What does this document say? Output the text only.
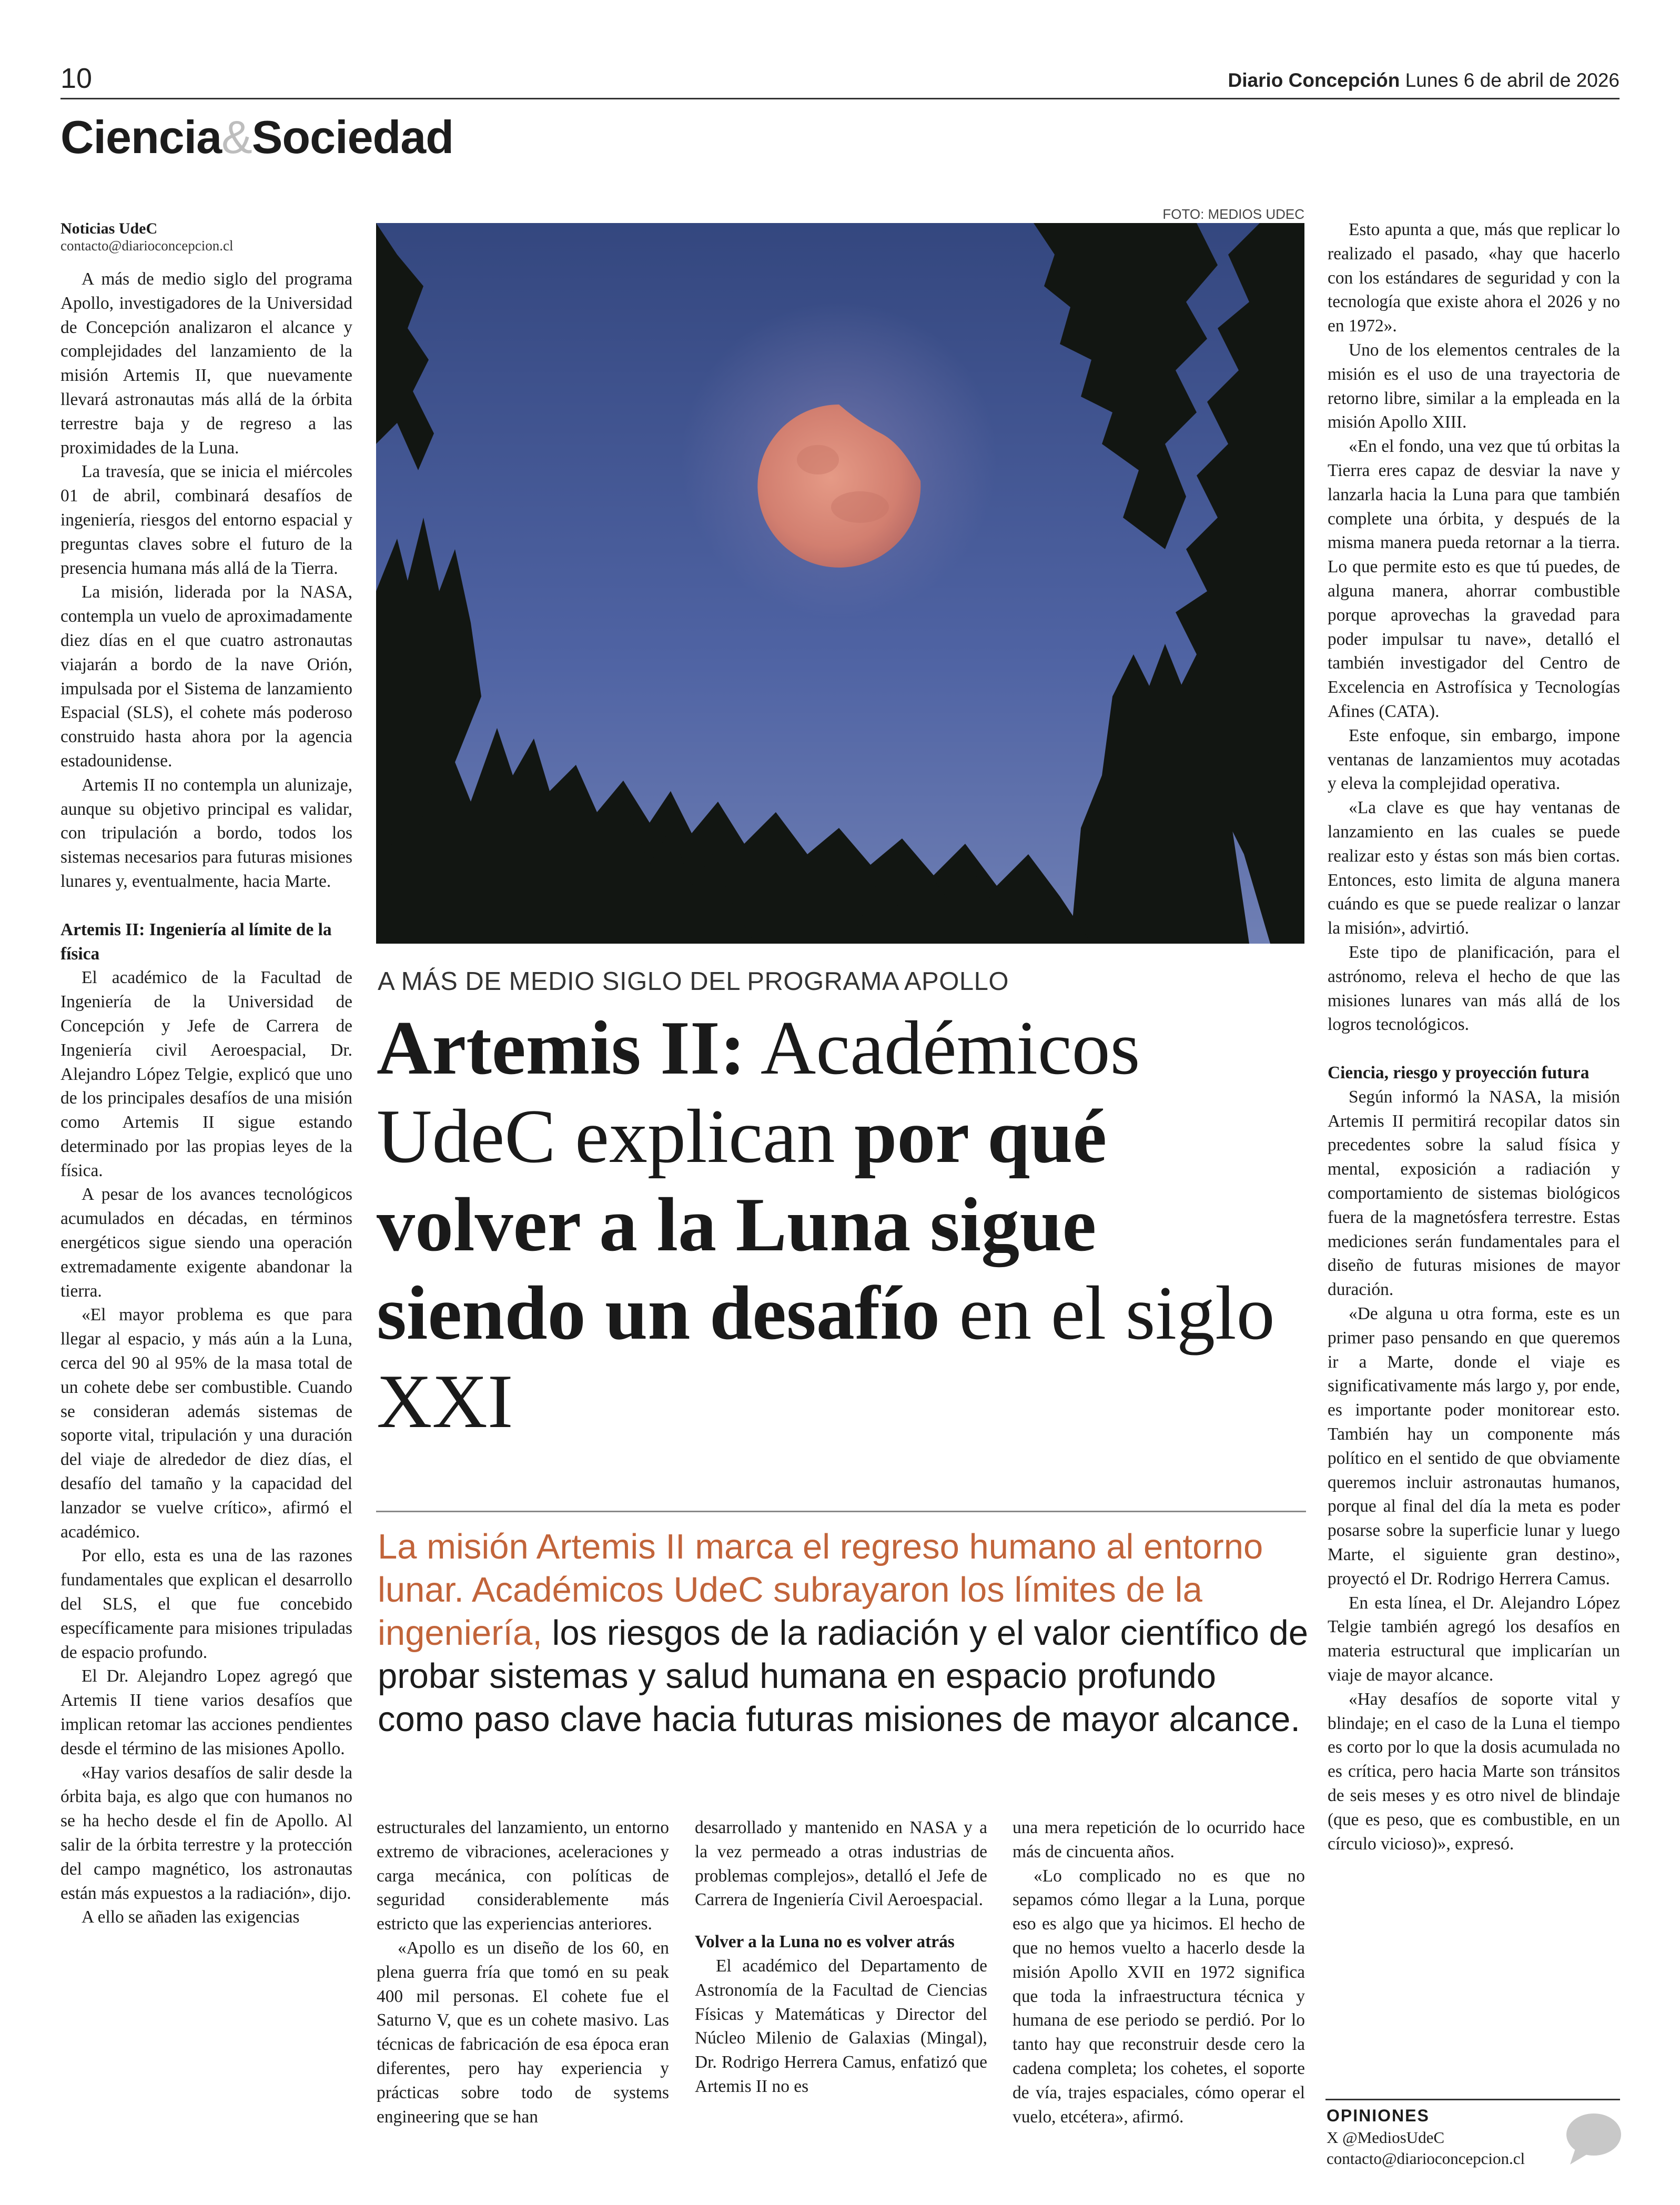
10	Diario Concepción Lunes 6 de abril de 2026
Ciencia&Sociedad
Noticias UdeC
contacto@diarioconcepcion.cl

A más de medio siglo del programa Apollo, investigadores de la Universidad de Concepción analizaron el alcance y complejidades del lanzamiento de la misión Artemis II, que nuevamente llevará astronautas más allá de la órbita terrestre baja y de regreso a las proximidades de la Luna.

La travesía, que se inicia el miércoles 01 de abril, combinará desafíos de ingeniería, riesgos del entorno espacial y preguntas claves sobre el futuro de la presencia humana más allá de la Tierra.

La misión, liderada por la NASA, contempla un vuelo de aproximadamente diez días en el que cuatro astronautas viajarán a bordo de la nave Orión, impulsada por el Sistema de lanzamiento Espacial (SLS), el cohete más poderoso construido hasta ahora por la agencia estadounidense.

Artemis II no contempla un alunizaje, aunque su objetivo principal es validar, con tripulación a bordo, todos los sistemas necesarios para futuras misiones lunares y, eventualmente, hacia Marte.

Artemis II: Ingeniería al límite de la física

El académico de la Facultad de Ingeniería de la Universidad de Concepción y Jefe de Carrera de Ingeniería civil Aeroespacial, Dr. Alejandro López Telgie, explicó que uno de los principales desafíos de una misión como Artemis II sigue estando determinado por las propias leyes de la física.

A pesar de los avances tecnológicos acumulados en décadas, en términos energéticos sigue siendo una operación extremadamente exigente abandonar la tierra.

«El mayor problema es que para llegar al espacio, y más aún a la Luna, cerca del 90 al 95% de la masa total de un cohete debe ser combustible. Cuando se consideran además sistemas de soporte vital, tripulación y una duración del viaje de alrededor de diez días, el desafío del tamaño y la capacidad del lanzador se vuelve crítico», afirmó el académico.

Por ello, esta es una de las razones fundamentales que explican el desarrollo del SLS, el que fue concebido específicamente para misiones tripuladas de espacio profundo.

El Dr. Alejandro Lopez agregó que Artemis II tiene varios desafíos que implican retomar las acciones pendientes desde el término de las misiones Apollo.

«Hay varios desafíos de salir desde la órbita baja, es algo que con humanos no se ha hecho desde el fin de Apollo. Al salir de la órbita terrestre y la protección del campo magnético, los astronautas están más expuestos a la radiación», dijo.

A ello se añaden las exigencias

FOTO: MEDIOS UDEC
A MÁS DE MEDIO SIGLO DEL PROGRAMA APOLLO
Artemis II: Académicos UdeC explican por qué volver a la Luna sigue siendo un desafío en el siglo XXI
La misión Artemis II marca el regreso humano al entorno lunar. Académicos UdeC subrayaron los límites de la ingeniería, los riesgos de la radiación y el valor científico de probar sistemas y salud humana en espacio profundo como paso clave hacia futuras misiones de mayor alcance.

estructurales del lanzamiento, un entorno extremo de vibraciones, aceleraciones y carga mecánica, con políticas de seguridad considerablemente más estricto que las experiencias anteriores.

«Apollo es un diseño de los 60, en plena guerra fría que tomó en su peak 400 mil personas. El cohete fue el Saturno V, que es un cohete masivo. Las técnicas de fabricación de esa época eran diferentes, pero hay experiencia y prácticas sobre todo de systems engineering que se han

desarrollado y mantenido en NASA y a la vez permeado a otras industrias de problemas complejos», detalló el Jefe de Carrera de Ingeniería Civil Aeroespacial.

Volver a la Luna no es volver atrás

El académico del Departamento de Astronomía de la Facultad de Ciencias Físicas y Matemáticas y Director del Núcleo Milenio de Galaxias (Mingal), Dr. Rodrigo Herrera Camus, enfatizó que Artemis II no es

una mera repetición de lo ocurrido hace más de cincuenta años.

«Lo complicado no es que no sepamos cómo llegar a la Luna, porque eso es algo que ya hicimos. El hecho de que no hemos vuelto a hacerlo desde la misión Apollo XVII en 1972 significa que toda la infraestructura técnica y humana de ese periodo se perdió. Por lo tanto hay que reconstruir desde cero la cadena completa; los cohetes, el soporte de vía, trajes espaciales, cómo operar el vuelo, etcétera», afirmó.

Esto apunta a que, más que replicar lo realizado el pasado, «hay que hacerlo con los estándares de seguridad y con la tecnología que existe ahora el 2026 y no en 1972».

Uno de los elementos centrales de la misión es el uso de una trayectoria de retorno libre, similar a la empleada en la misión Apollo XIII.

«En el fondo, una vez que tú orbitas la Tierra eres capaz de desviar la nave y lanzarla hacia la Luna para que también complete una órbita, y después de la misma manera pueda retornar a la tierra. Lo que permite esto es que tú puedes, de alguna manera, ahorrar combustible porque aprovechas la gravedad para poder impulsar tu nave», detalló el también investigador del Centro de Excelencia en Astrofísica y Tecnologías Afines (CATA).

Este enfoque, sin embargo, impone ventanas de lanzamientos muy acotadas y eleva la complejidad operativa.

«La clave es que hay ventanas de lanzamiento en las cuales se puede realizar esto y éstas son más bien cortas. Entonces, esto limita de alguna manera cuándo es que se puede realizar o lanzar la misión», advirtió.

Este tipo de planificación, para el astrónomo, releva el hecho de que las misiones lunares van más allá de los logros tecnológicos.

Ciencia, riesgo y proyección futura

Según informó la NASA, la misión Artemis II permitirá recopilar datos sin precedentes sobre la salud física y mental, exposición a radiación y comportamiento de sistemas biológicos fuera de la magnetósfera terrestre. Estas mediciones serán fundamentales para el diseño de futuras misiones de mayor duración.

«De alguna u otra forma, este es un primer paso pensando en que queremos ir a Marte, donde el viaje es significativamente más largo y, por ende, es importante poder monitorear esto. También hay un componente más político en el sentido de que obviamente queremos incluir astronautas humanos, porque al final del día la meta es poder posarse sobre la superficie lunar y luego Marte, el siguiente gran destino», proyectó el Dr. Rodrigo Herrera Camus.

En esta línea, el Dr. Alejandro López Telgie también agregó los desafíos en materia estructural que implicarían un viaje de mayor alcance.

«Hay desafíos de soporte vital y blindaje; en el caso de la Luna el tiempo es corto por lo que la dosis acumulada no es crítica, pero hacia Marte son tránsitos de seis meses y es otro nivel de blindaje (que es peso, que es combustible, en un círculo vicioso)», expresó.

OPINIONES
X @MediosUdeC
contacto@diarioconcepcion.cl
